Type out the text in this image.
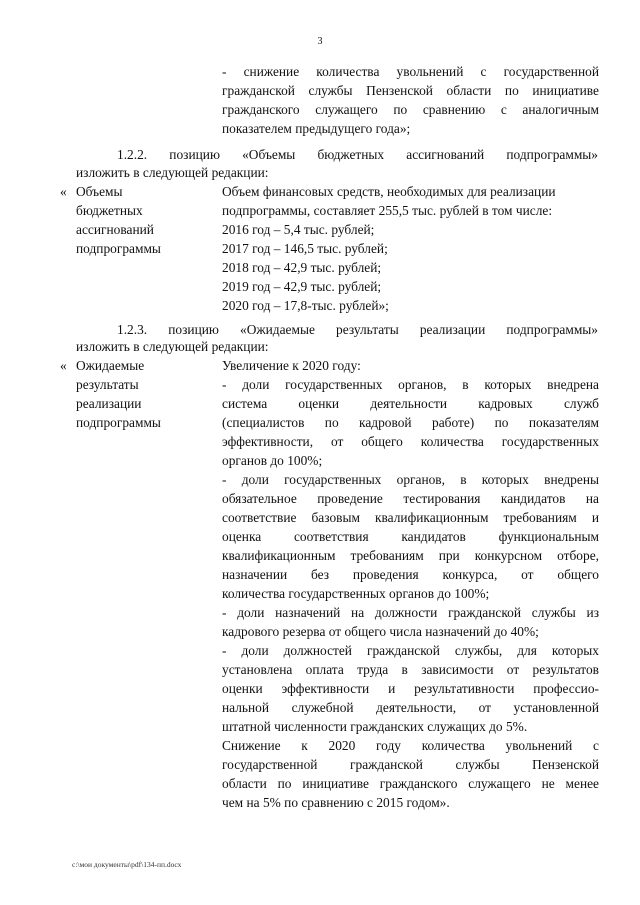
3
- снижение количества увольнений с государственной
гражданской службы Пензенской области по инициативе
гражданского служащего по сравнению с аналогичным
показателем предыдущего года»;
1.2.2. позицию «Объемы бюджетных ассигнований подпрограммы»
изложить в следующей редакции:
« Объемы
бюджетных
ассигнований
подпрограммы
Объем финансовых средств, необходимых для реализации
подпрограммы, составляет 255,5 тыс. рублей в том числе:
2016 год – 5,4 тыс. рублей;
2017 год – 146,5 тыс. рублей;
2018 год – 42,9 тыс. рублей;
2019 год – 42,9 тыс. рублей;
2020 год – 17,8-тыс. рублей»;
1.2.3. позицию «Ожидаемые результаты реализации подпрограммы»
изложить в следующей редакции:
« Ожидаемые
результаты
реализации
подпрограммы
Увеличение к 2020 году:
- доли государственных органов, в которых внедрена
система оценки деятельности кадровых служб
(специалистов по кадровой работе) по показателям
эффективности, от общего количества государственных
органов до 100%;
- доли государственных органов, в которых внедрены
обязательное проведение тестирования кандидатов на
соответствие базовым квалификационным требованиям и
оценка соответствия кандидатов функциональным
квалификационным требованиям при конкурсном отборе,
назначении без проведения конкурса, от общего
количества государственных органов до 100%;
- доли назначений на должности гражданской службы из
кадрового резерва от общего числа назначений до 40%;
- доли должностей гражданской службы, для которых
установлена оплата труда в зависимости от результатов
оценки эффективности и результативности профессио-
нальной служебной деятельности, от установленной
штатной численности гражданских служащих до 5%.
Снижение к 2020 году количества увольнений с
государственной гражданской службы Пензенской
области по инициативе гражданского служащего не менее
чем на 5% по сравнению с 2015 годом».
c:\мои документы\pdf\134-пп.docx
